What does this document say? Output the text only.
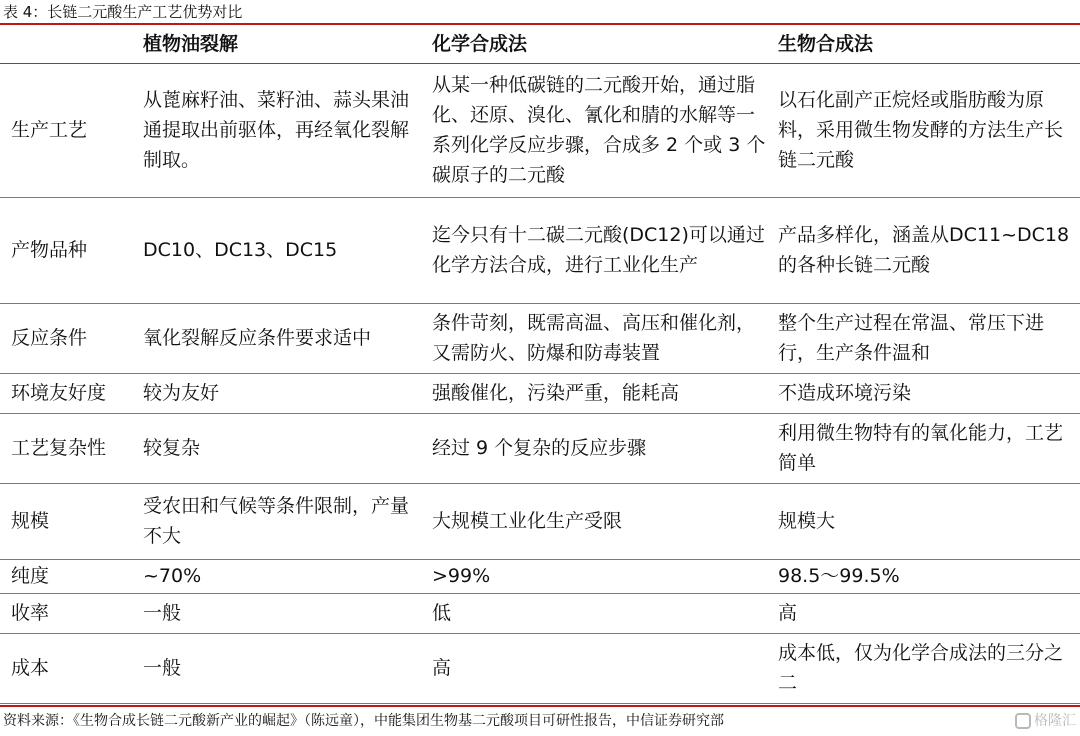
表 4：长链二元酸生产工艺优势对比
	植物油裂解	化学合成法	生物合成法
生产工艺	从蓖麻籽油、菜籽油、蒜头果油通提取出前驱体，再经氧化裂解制取。	从某一种低碳链的二元酸开始，通过脂化、还原、溴化、氰化和腈的水解等一系列化学反应步骤，合成多 2 个或 3 个碳原子的二元酸	以石化副产正烷烃或脂肪酸为原料，采用微生物发酵的方法生产长链二元酸
产物品种	DC10、DC13、DC15	迄今只有十二碳二元酸(DC12)可以通过化学方法合成，进行工业化生产	产品多样化，涵盖从DC11~DC18 的各种长链二元酸
反应条件	氧化裂解反应条件要求适中	条件苛刻，既需高温、高压和催化剂，又需防火、防爆和防毒装置	整个生产过程在常温、常压下进行，生产条件温和
环境友好度	较为友好	强酸催化，污染严重，能耗高	不造成环境污染
工艺复杂性	较复杂	经过 9 个复杂的反应步骤	利用微生物特有的氧化能力，工艺简单
规模	受农田和气候等条件限制，产量不大	大规模工业化生产受限	规模大
纯度	~70%	>99%	98.5～99.5%
收率	一般	低	高
成本	一般	高	成本低，仅为化学合成法的三分之二
资料来源：《生物合成长链二元酸新产业的崛起》（陈远童），中能集团生物基二元酸项目可研性报告，中信证券研究部	格隆汇
